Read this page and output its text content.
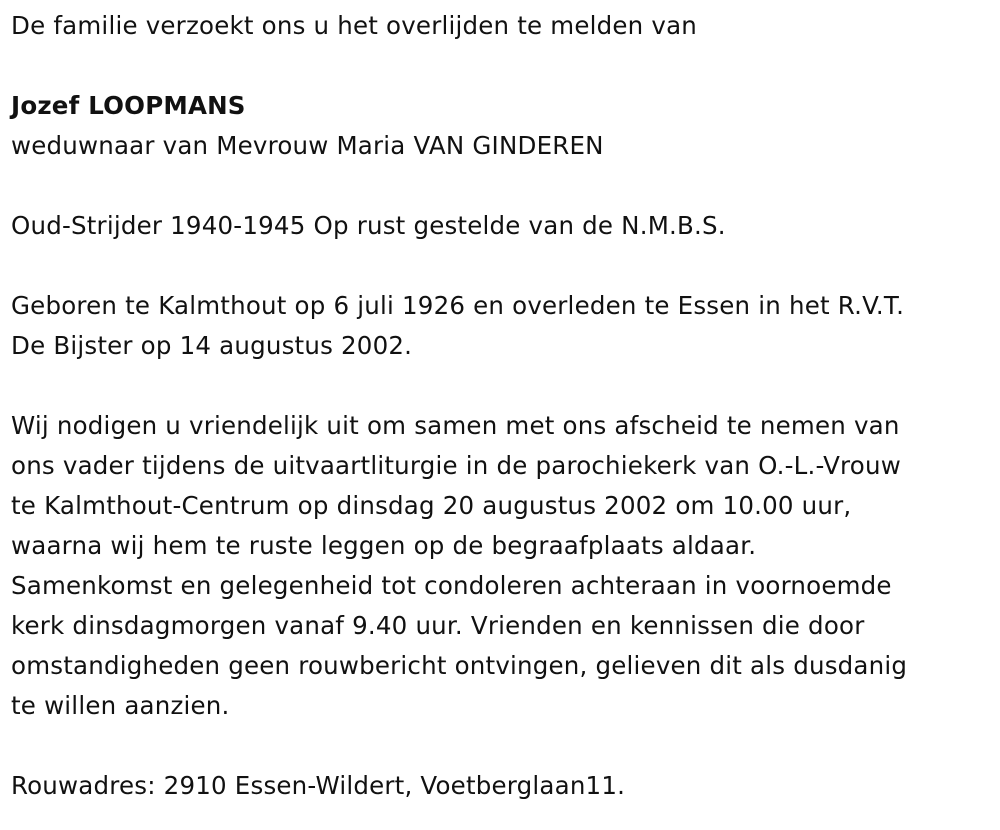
De familie verzoekt ons u het overlijden te melden van
Jozef LOOPMANS
weduwnaar van Mevrouw Maria VAN GINDEREN
Oud-Strijder 1940-1945 Op rust gestelde van de N.M.B.S.
Geboren te Kalmthout op 6 juli 1926 en overleden te Essen in het R.V.T.
De Bijster op 14 augustus 2002.
Wij nodigen u vriendelijk uit om samen met ons afscheid te nemen van
ons vader tijdens de uitvaartliturgie in de parochiekerk van O.-L.-Vrouw
te Kalmthout-Centrum op dinsdag 20 augustus 2002 om 10.00 uur,
waarna wij hem te ruste leggen op de begraafplaats aldaar.
Samenkomst en gelegenheid tot condoleren achteraan in voornoemde
kerk dinsdagmorgen vanaf 9.40 uur. Vrienden en kennissen die door
omstandigheden geen rouwbericht ontvingen, gelieven dit als dusdanig
te willen aanzien.
Rouwadres: 2910 Essen-Wildert, Voetberglaan11.
